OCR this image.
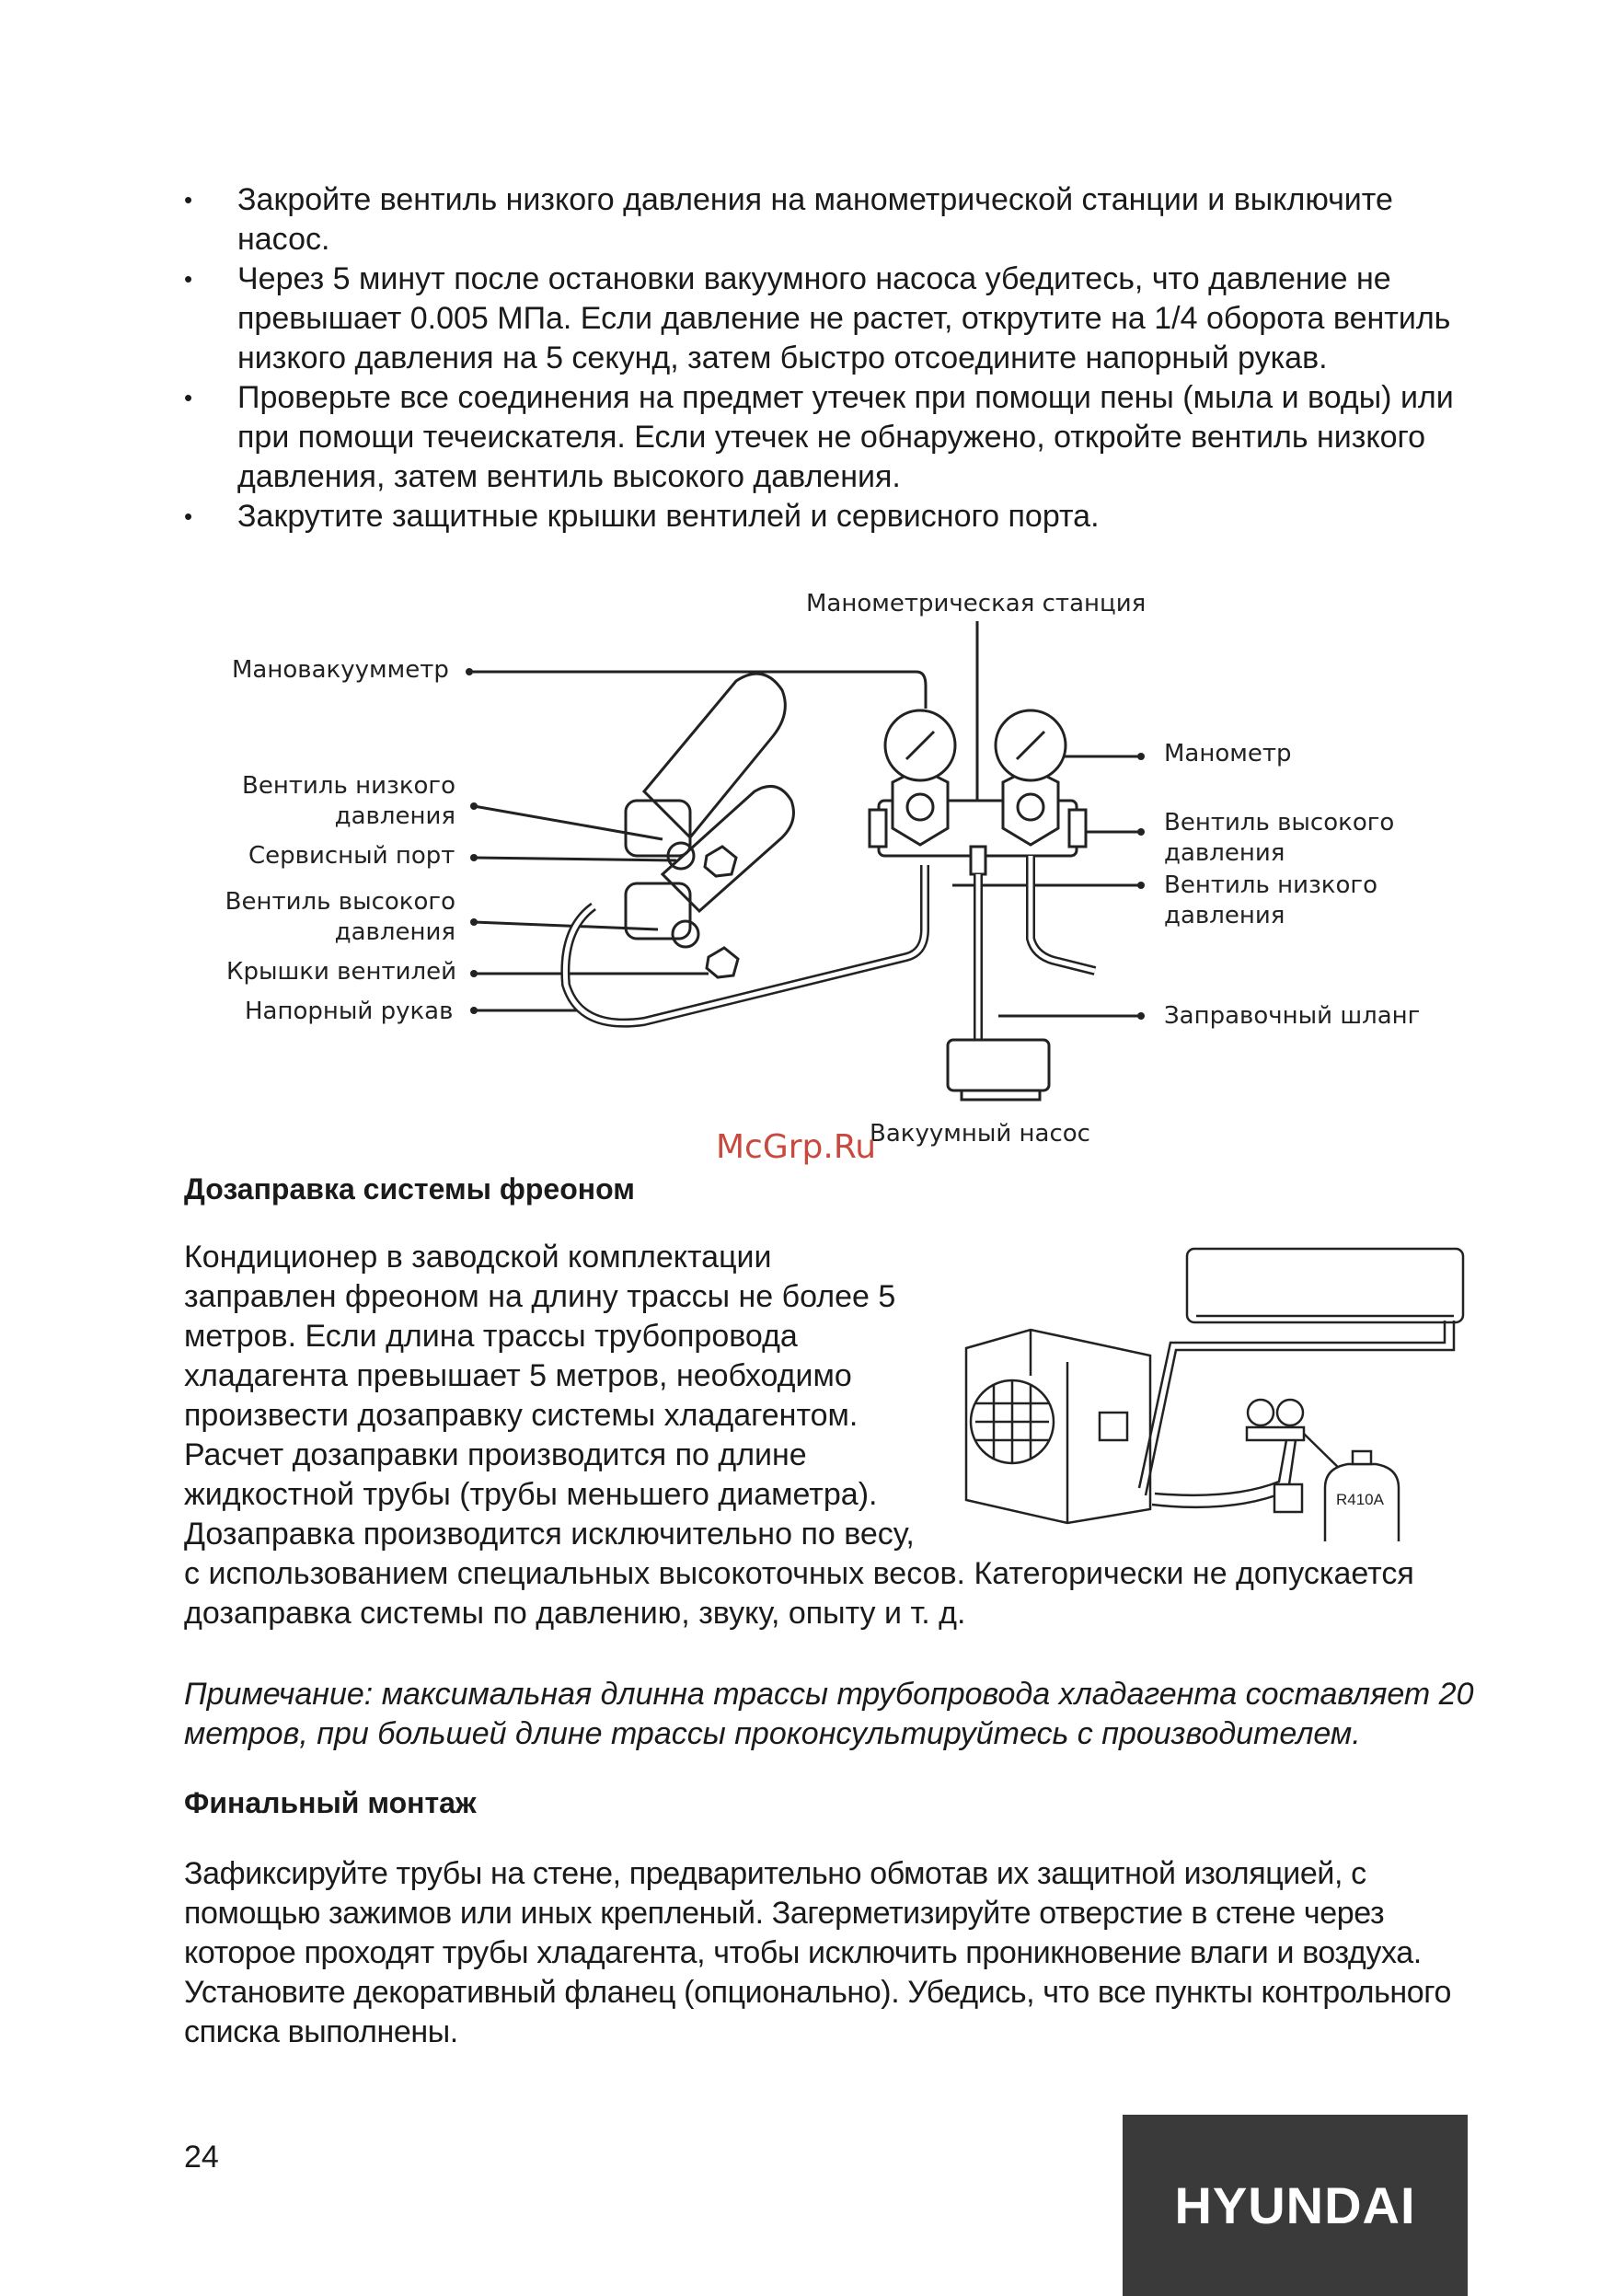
• Закройте вентиль низкого давления на манометрической станции и выключите насос.
• Через 5 минут после остановки вакуумного насоса убедитесь, что давление не превышает 0.005 МПа. Если давление не растет, открутите на 1/4 оборота вентиль низкого давления на 5 секунд, затем быстро отсоедините напорный рукав.
• Проверьте все соединения на предмет утечек при помощи пены (мыла и воды) или при помощи течеискателя. Если утечек не обнаружено, откройте вентиль низкого давления, затем вентиль высокого давления.
• Закрутите защитные крышки вентилей и сервисного порта.
Манометрическая станция
Мановакуумметр
Вентиль низкого давления
Сервисный порт
Вентиль высокого давления
Крышки вентилей
Напорный рукав
Манометр
Вентиль высокого давления
Вентиль низкого давления
Заправочный шланг
Вакуумный насос
McGrp.Ru
Дозаправка системы фреоном
Кондиционер в заводской комплектации заправлен фреоном на длину трассы не более 5 метров. Если длина трассы трубопровода хладагента превышает 5 метров, необходимо произвести дозаправку системы хладагентом. Расчет дозаправки производится по длине жидкостной трубы (трубы меньшего диаметра). Дозаправка производится исключительно по весу, с использованием специальных высокоточных весов. Категорически не допускается дозаправка системы по давлению, звуку, опыту и т. д.
R410A

Примечание: максимальная длинна трассы трубопровода хладагента составляет 20 метров, при большей длине трассы проконсультируйтесь с производителем.

Финальный монтаж

Зафиксируйте трубы на стене, предварительно обмотав их защитной изоляцией, с помощью зажимов или иных крепленый. Загерметизируйте отверстие в стене через которое проходят трубы хладагента, чтобы исключить проникновение влаги и воздуха. Установите декоративный фланец (опционально). Убедись, что все пункты контрольного списка выполнены.

24
HYUNDAI
